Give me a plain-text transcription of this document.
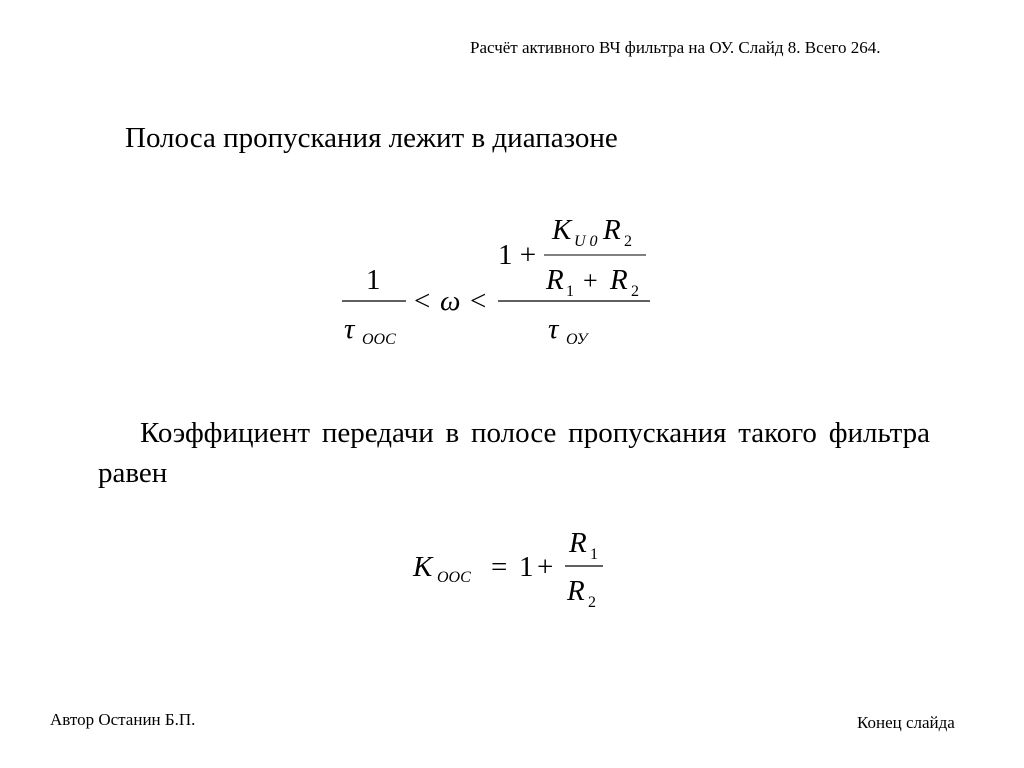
Расчёт активного ВЧ фильтра на ОУ. Слайд 8. Всего 264.
Полоса пропускания лежит в диапазоне
1
τ ООС
< ω <
1 +
K U 0 R 2
R 1 + R 2
τ ОУ
Коэффициент передачи в полосе пропускания такого фильтра равен
K ООС = 1 +
R 1
R 2
Автор Останин Б.П.	Конец слайда
